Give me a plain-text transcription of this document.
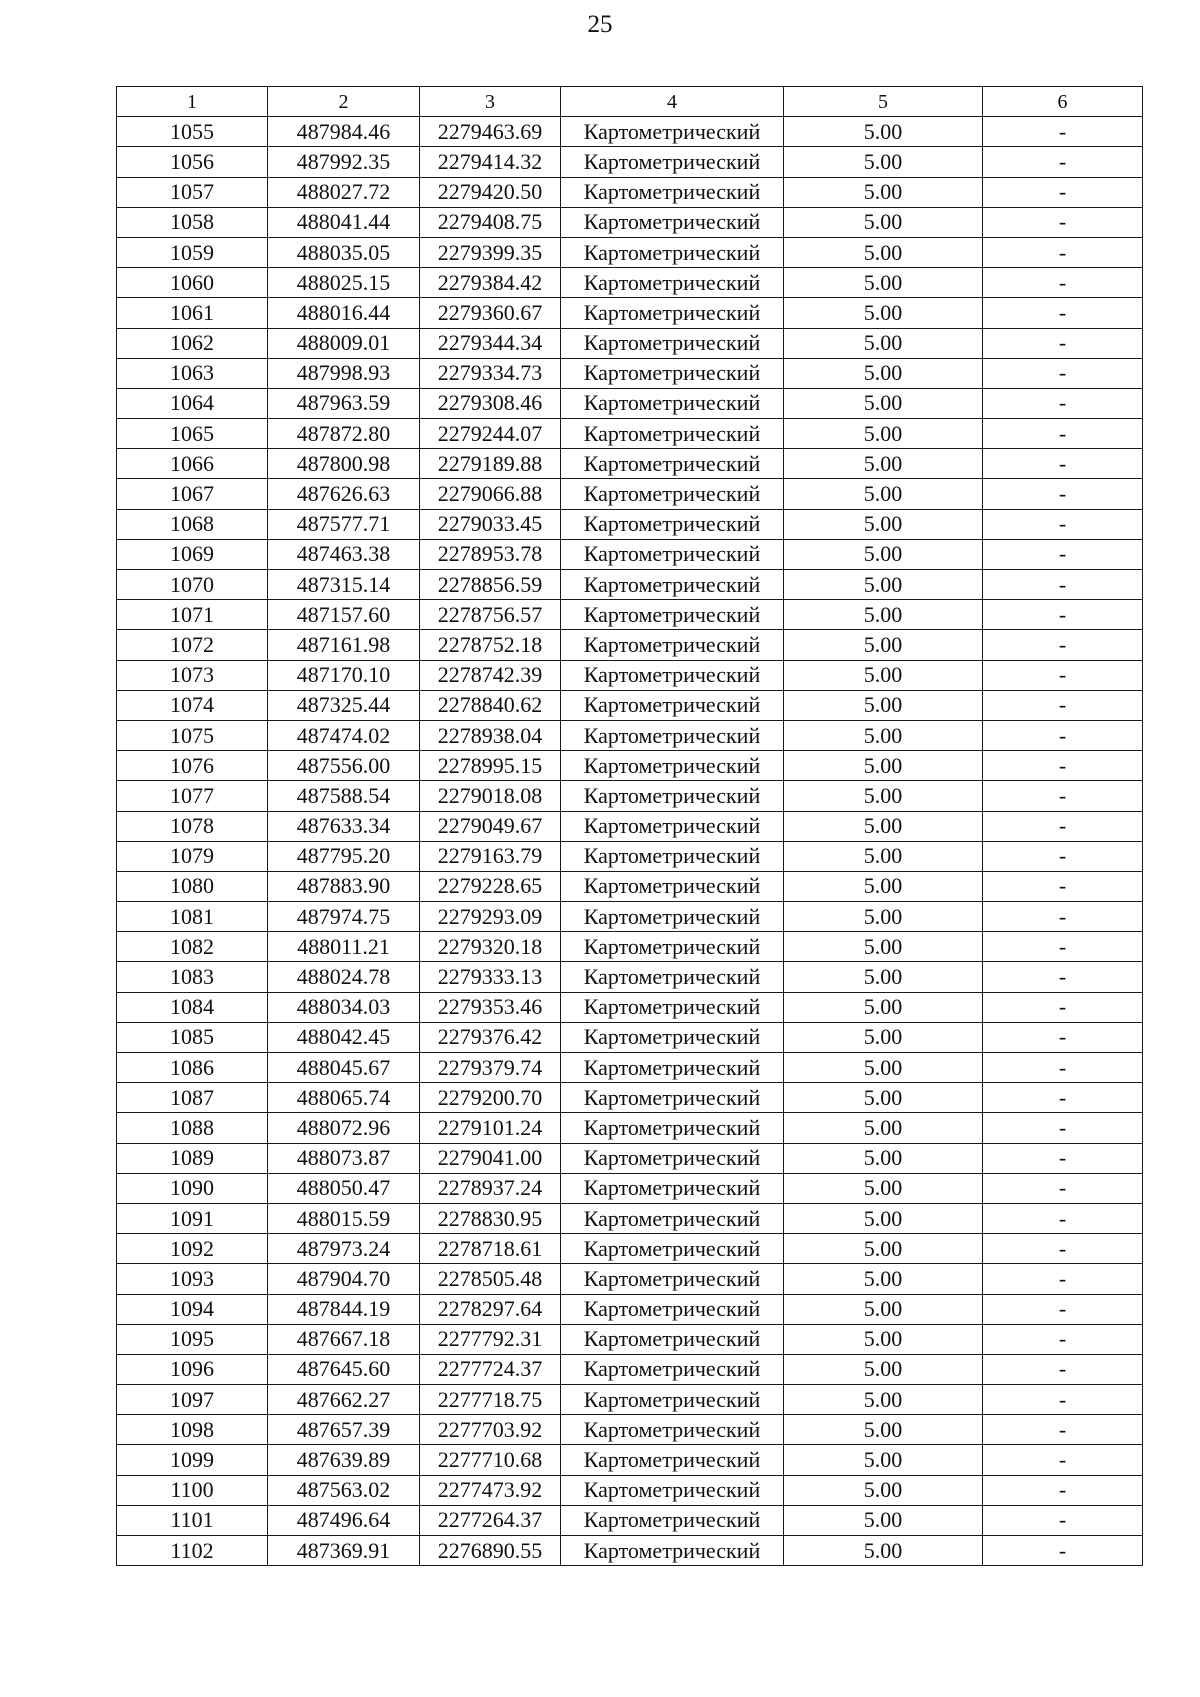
25
1	2	3	4	5	6
1055	487984.46	2279463.69	Картометрический	5.00	-
1056	487992.35	2279414.32	Картометрический	5.00	-
1057	488027.72	2279420.50	Картометрический	5.00	-
1058	488041.44	2279408.75	Картометрический	5.00	-
1059	488035.05	2279399.35	Картометрический	5.00	-
1060	488025.15	2279384.42	Картометрический	5.00	-
1061	488016.44	2279360.67	Картометрический	5.00	-
1062	488009.01	2279344.34	Картометрический	5.00	-
1063	487998.93	2279334.73	Картометрический	5.00	-
1064	487963.59	2279308.46	Картометрический	5.00	-
1065	487872.80	2279244.07	Картометрический	5.00	-
1066	487800.98	2279189.88	Картометрический	5.00	-
1067	487626.63	2279066.88	Картометрический	5.00	-
1068	487577.71	2279033.45	Картометрический	5.00	-
1069	487463.38	2278953.78	Картометрический	5.00	-
1070	487315.14	2278856.59	Картометрический	5.00	-
1071	487157.60	2278756.57	Картометрический	5.00	-
1072	487161.98	2278752.18	Картометрический	5.00	-
1073	487170.10	2278742.39	Картометрический	5.00	-
1074	487325.44	2278840.62	Картометрический	5.00	-
1075	487474.02	2278938.04	Картометрический	5.00	-
1076	487556.00	2278995.15	Картометрический	5.00	-
1077	487588.54	2279018.08	Картометрический	5.00	-
1078	487633.34	2279049.67	Картометрический	5.00	-
1079	487795.20	2279163.79	Картометрический	5.00	-
1080	487883.90	2279228.65	Картометрический	5.00	-
1081	487974.75	2279293.09	Картометрический	5.00	-
1082	488011.21	2279320.18	Картометрический	5.00	-
1083	488024.78	2279333.13	Картометрический	5.00	-
1084	488034.03	2279353.46	Картометрический	5.00	-
1085	488042.45	2279376.42	Картометрический	5.00	-
1086	488045.67	2279379.74	Картометрический	5.00	-
1087	488065.74	2279200.70	Картометрический	5.00	-
1088	488072.96	2279101.24	Картометрический	5.00	-
1089	488073.87	2279041.00	Картометрический	5.00	-
1090	488050.47	2278937.24	Картометрический	5.00	-
1091	488015.59	2278830.95	Картометрический	5.00	-
1092	487973.24	2278718.61	Картометрический	5.00	-
1093	487904.70	2278505.48	Картометрический	5.00	-
1094	487844.19	2278297.64	Картометрический	5.00	-
1095	487667.18	2277792.31	Картометрический	5.00	-
1096	487645.60	2277724.37	Картометрический	5.00	-
1097	487662.27	2277718.75	Картометрический	5.00	-
1098	487657.39	2277703.92	Картометрический	5.00	-
1099	487639.89	2277710.68	Картометрический	5.00	-
1100	487563.02	2277473.92	Картометрический	5.00	-
1101	487496.64	2277264.37	Картометрический	5.00	-
1102	487369.91	2276890.55	Картометрический	5.00	-
